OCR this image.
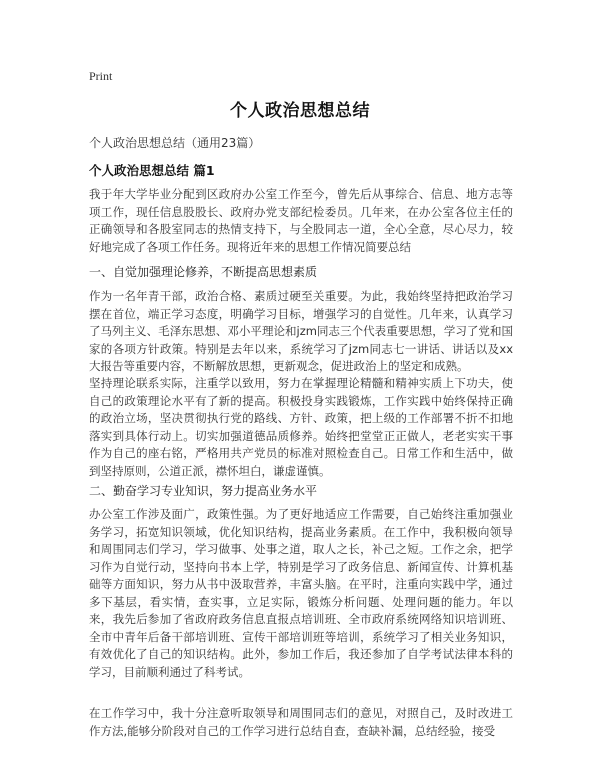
Print
个人政治思想总结
个人政治思想总结（通用23篇）
个人政治思想总结 篇1

我于年大学毕业分配到区政府办公室工作至今，曾先后从事综合、信息、地方志等项工作，现任信息股股长、政府办党支部纪检委员。几年来，在办公室各位主任的正确领导和各股室同志的热情支持下，与全股同志一道，全心全意，尽心尽力，较好地完成了各项工作任务。现将近年来的思想工作情况简要总结

一、自觉加强理论修养，不断提高思想素质

作为一名年青干部，政治合格、素质过硬至关重要。为此，我始终坚持把政治学习摆在首位，端正学习态度，明确学习目标，增强学习的自觉性。几年来，认真学习了马列主义、毛泽东思想、邓小平理论和jzm同志三个代表重要思想，学习了党和国家的各项方针政策。特别是去年以来，系统学习了jzm同志七一讲话、讲话以及xx大报告等重要内容，不断解放思想，更新观念，促进政治上的坚定和成熟。

坚持理论联系实际，注重学以致用，努力在掌握理论精髓和精神实质上下功夫，使自己的政策理论水平有了新的提高。积极投身实践锻炼，工作实践中始终保持正确的政治立场，坚决贯彻执行党的路线、方针、政策，把上级的工作部署不折不扣地落实到具体行动上。切实加强道德品质修养。始终把堂堂正正做人，老老实实干事作为自己的座右铭，严格用共产党员的标准对照检查自己。日常工作和生活中，做到坚持原则，公道正派，襟怀坦白，谦虚谨慎。

二、勤奋学习专业知识，努力提高业务水平

办公室工作涉及面广，政策性强。为了更好地适应工作需要，自己始终注重加强业务学习，拓宽知识领域，优化知识结构，提高业务素质。在工作中，我积极向领导和周围同志们学习，学习做事、处事之道，取人之长，补己之短。工作之余，把学习作为自觉行动，坚持向书本上学，特别是学习了政务信息、新闻宣传、计算机基础等方面知识，努力从书中汲取营养，丰富头脑。在平时，注重向实践中学，通过多下基层，看实情，查实事，立足实际，锻炼分析问题、处理问题的能力。年以来，我先后参加了省政府政务信息直报点培训班、全市政府系统网络知识培训班、全市中青年后备干部培训班、宣传干部培训班等培训，系统学习了相关业务知识，有效优化了自己的知识结构。此外，参加工作后，我还参加了自学考试法律本科的学习，目前顺利通过了科考试。

在工作学习中，我十分注意听取领导和周围同志们的意见，对照自己，及时改进工作方法,能够分阶段对自己的工作学习进行总结自查，查缺补漏，总结经验，接受
